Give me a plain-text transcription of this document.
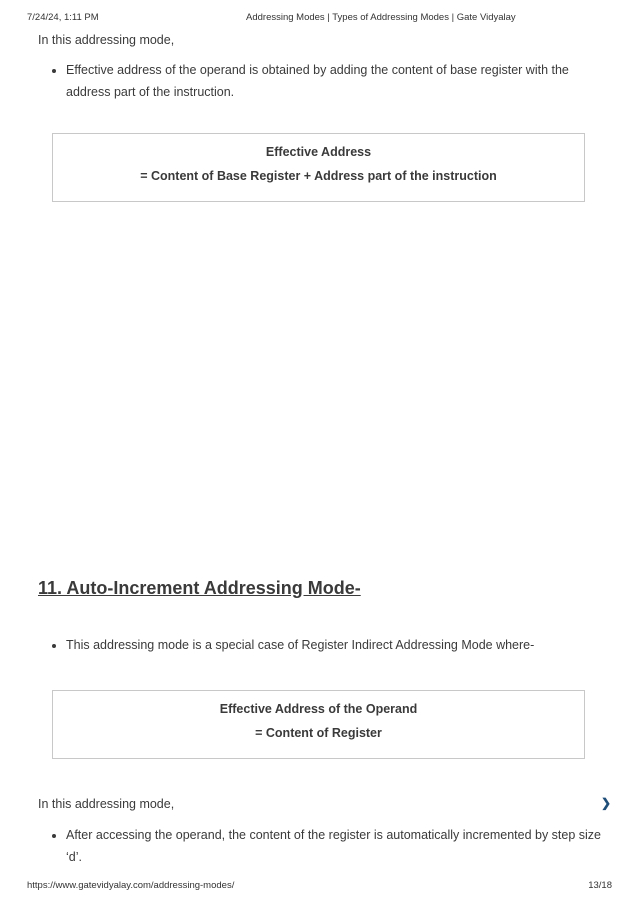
7/24/24, 1:11 PM	Addressing Modes | Types of Addressing Modes | Gate Vidyalay

In this addressing mode,

• Effective address of the operand is obtained by adding the content of base register with the address part of the instruction.
Effective Address
= Content of Base Register + Address part of the instruction
11. Auto-Increment Addressing Mode-
• This addressing mode is a special case of Register Indirect Addressing Mode where-
Effective Address of the Operand
= Content of Register

In this addressing mode,	❯
• After accessing the operand, the content of the register is automatically incremented by step size ‘d’.
https://www.gatevidyalay.com/addressing-modes/	13/18
